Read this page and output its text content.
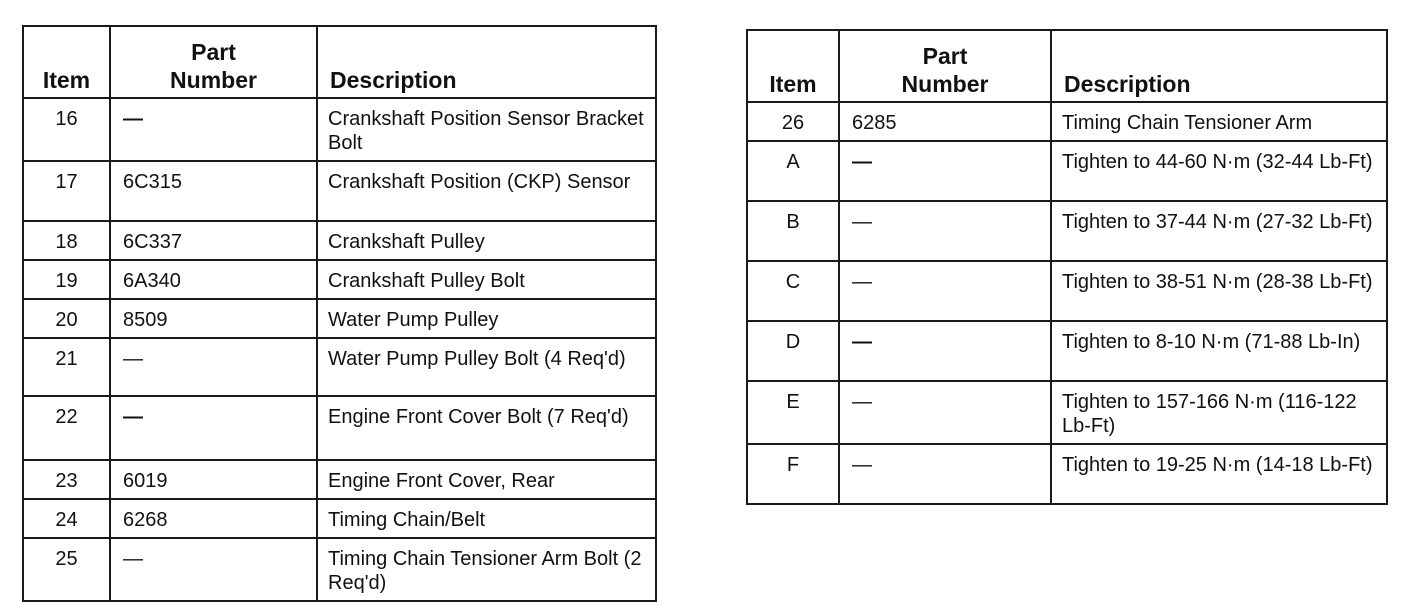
Item	Part
Number	Description
16	—	Crankshaft Position Sensor Bracket Bolt
17	6C315	Crankshaft Position (CKP) Sensor
18	6C337	Crankshaft Pulley
19	6A340	Crankshaft Pulley Bolt
20	8509	Water Pump Pulley
21	—	Water Pump Pulley Bolt (4 Req'd)
22	—	Engine Front Cover Bolt (7 Req'd)
23	6019	Engine Front Cover, Rear
24	6268	Timing Chain/Belt
25	—	Timing Chain Tensioner Arm Bolt (2 Req'd)
Item	Part
Number	Description
26	6285	Timing Chain Tensioner Arm
A	—	Tighten to 44-60 N·m (32-44 Lb-Ft)
B	—	Tighten to 37-44 N·m (27-32 Lb-Ft)
C	—	Tighten to 38-51 N·m (28-38 Lb-Ft)
D	—	Tighten to 8-10 N·m (71-88 Lb-In)
E	—	Tighten to 157-166 N·m (116-122 Lb-Ft)
F	—	Tighten to 19-25 N·m (14-18 Lb-Ft)
